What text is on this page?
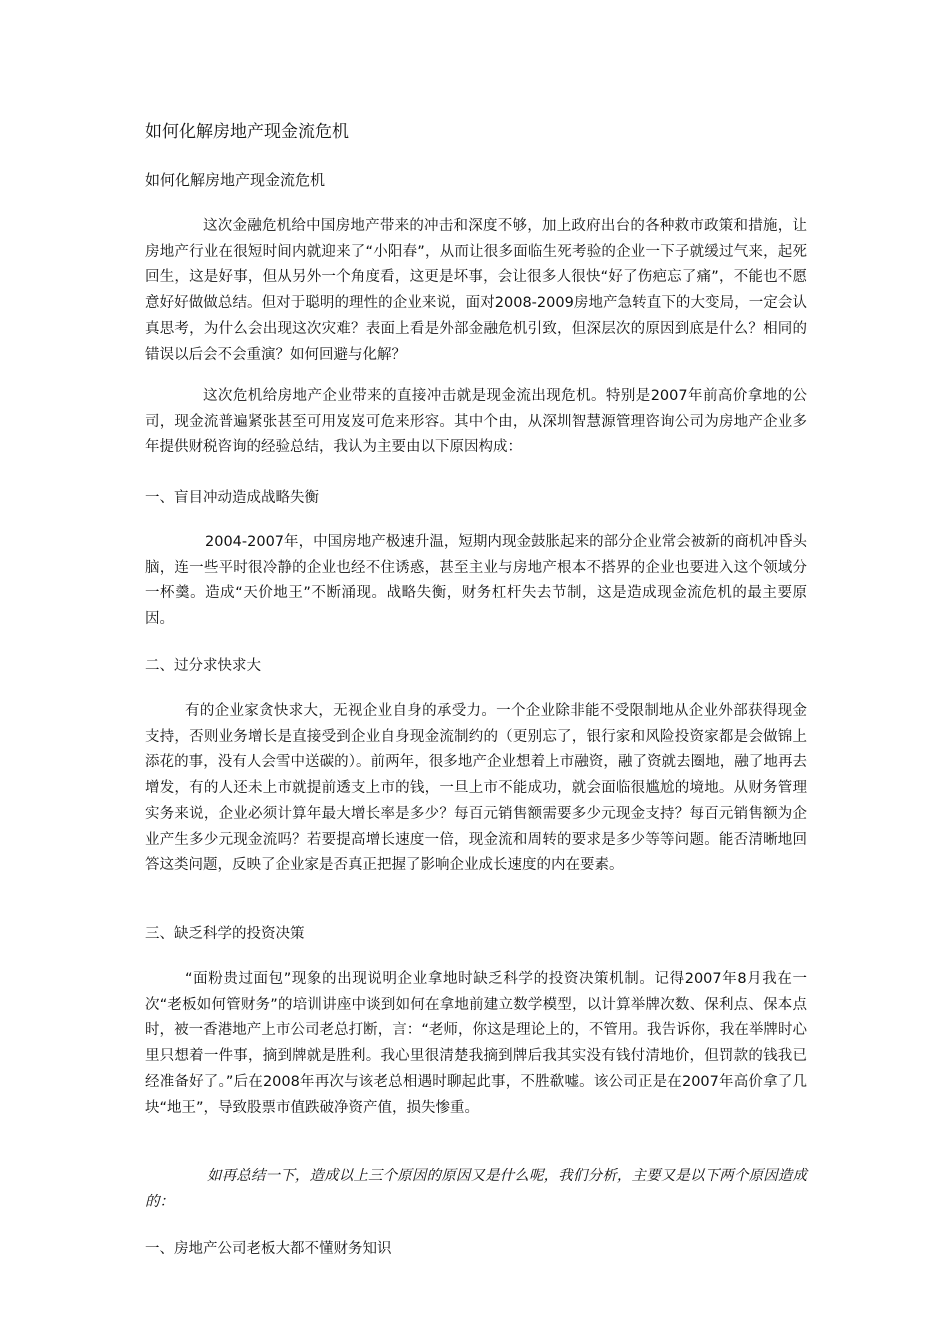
如何化解房地产现金流危机
如何化解房地产现金流危机
这次金融危机给中国房地产带来的冲击和深度不够，加上政府出台的各种救市政策和措施，让房地产行业在很短时间内就迎来了“小阳春”，从而让很多面临生死考验的企业一下子就缓过气来，起死回生，这是好事，但从另外一个角度看，这更是坏事，会让很多人很快“好了伤疤忘了痛”，不能也不愿意好好做做总结。但对于聪明的理性的企业来说，面对2008-2009房地产急转直下的大变局，一定会认真思考，为什么会出现这次灾难？表面上看是外部金融危机引致，但深层次的原因到底是什么？相同的错误以后会不会重演？如何回避与化解？
这次危机给房地产企业带来的直接冲击就是现金流出现危机。特别是2007年前高价拿地的公司，现金流普遍紧张甚至可用岌岌可危来形容。其中个由，从深圳智慧源管理咨询公司为房地产企业多年提供财税咨询的经验总结，我认为主要由以下原因构成：
一、盲目冲动造成战略失衡
2004-2007年，中国房地产极速升温，短期内现金鼓胀起来的部分企业常会被新的商机冲昏头脑，连一些平时很冷静的企业也经不住诱惑，甚至主业与房地产根本不搭界的企业也要进入这个领域分一杯羹。造成“天价地王”不断涌现。战略失衡，财务杠杆失去节制，这是造成现金流危机的最主要原因。
二、过分求快求大
有的企业家贪快求大，无视企业自身的承受力。一个企业除非能不受限制地从企业外部获得现金支持，否则业务增长是直接受到企业自身现金流制约的（更别忘了，银行家和风险投资家都是会做锦上添花的事，没有人会雪中送碳的）。前两年，很多地产企业想着上市融资，融了资就去圈地，融了地再去增发，有的人还未上市就提前透支上市的钱，一旦上市不能成功，就会面临很尴尬的境地。从财务管理实务来说，企业必须计算年最大增长率是多少？每百元销售额需要多少元现金支持？每百元销售额为企业产生多少元现金流吗？若要提高增长速度一倍，现金流和周转的要求是多少等等问题。能否清晰地回答这类问题，反映了企业家是否真正把握了影响企业成长速度的内在要素。
三、缺乏科学的投资决策
“面粉贵过面包”现象的出现说明企业拿地时缺乏科学的投资决策机制。记得2007年8月我在一次“老板如何管财务”的培训讲座中谈到如何在拿地前建立数学模型，以计算举牌次数、保利点、保本点时，被一香港地产上市公司老总打断，言：“老师，你这是理论上的，不管用。我告诉你，我在举牌时心里只想着一件事，摘到牌就是胜利。我心里很清楚我摘到牌后我其实没有钱付清地价，但罚款的钱我已经准备好了。”后在2008年再次与该老总相遇时聊起此事，不胜欷嘘。该公司正是在2007年高价拿了几块“地王”，导致股票市值跌破净资产值，损失惨重。
如再总结一下，造成以上三个原因的原因又是什么呢，我们分析，主要又是以下两个原因造成的：
一、房地产公司老板大都不懂财务知识
